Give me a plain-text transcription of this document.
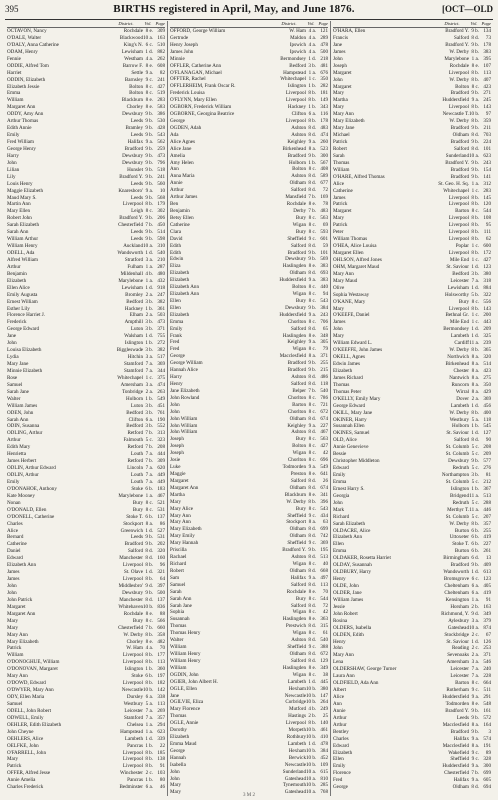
395	BIRTHS registered in April, May, and June 1876.	[OCT—OLD
District.	Vol. Page
OCTAVON, Nancy	Rochdale 8 e. 309
O'DALE, Walter	Blackwood 10 a. 163
O'DALY, Anna Catherine	King's N. 6 c. 510
ODAM, Henry	Lewisham 1 d. 882
Fennie	Westham 4 a. 262
ODDIE, Alfred Tom	Barrow F. 8 e. 608
Harriet	Settle 9 a.	82
ODDIN, Elizabeth	Barnsley 9 c. 241
Elizabeth Jessie	Bolton 8 c. 427
Emma	Bolton 8 c. 519
William	Blackburn 8 e. 283
Margaret Ann	Chorley 8 e. 583
ODDY, Amy Ann	Dewsbury 9 b. 386
Arthur Thomas	Leeds 9 b. 530
Edith Annie	Bramley 9 b. 428
Emily	Leeds 9 b. 543
Fred William	Halifax 9 a. 562
George Henry	Bradford 9 b. 259
Harry	Dewsbury 9 b. 473
John	Dewsbury 9 b. 796
Lilian	Hunslet 9 b. 518
Lily	Bradford Y. 9 b. 241
Louis Henry	Leeds 9 b. 560
Maggie Elizabeth	Knaresboro' 9 a.	10
Maud Mary S.	Leeds 9 b. 568
Martin Ann	Liverpool 8 b. 179
Mary Ellen	Leigh 8 c. 302
Robert John	Bradford Y. 9 b. 206
Sarah Elizabeth	Chesterfield 7 b. 450
Sarah Ann	Leeds 9 b. 514
William Arthur	Leeds 9 b. 598
William Henry	Auckland 10 a. 310
ODELL, Ada	Wandsworth 1 d. 540
Alfred William	Stratford 3 a. 210
Arthur	Fulham 1 a. 287
Benjamin	Mildenhall 4 b. 480
Elizabeth	Marylebone 1 a. 432
Ellen Alice	Lewisham 1 d. 918
Emily Augusta	Bromley 2 a. 247
Ernest William	Bedford 3 b. 382
Esther Lily	Hackney 1 b. 361
Florence Harriet J.	Elham 2 a. 503
Frederick	Ampthill 3 b. 473
George Edward	Luton 3 b. 371
Jane	Walsham 1 d. 755
John	Islington 1 b. 272
Louisa Elizabeth	Biggleswade 3 b. 382
Lydia	Hitchin 3 a. 517
Mary Jane	Stamford 7 a. 369
Minnie Elizabeth	Stamford 7 a. 344
Rose	Whitechapel 1 c. 375
Samuel	Amersham 3 a. 474
Sarah Jane	Tonbridge 2 a. 263
Walter	Holborn 1 b. 549
William James	Luton 3 b. 451
ODEN, John	Bedford 3 b. 761
Sarah Ann	Clifton 6 a. 190
ODIN, Susanna	Bedford 3 b. 552
ODLING, Arthur	Retford 7 b. 313
Arthur	Falmouth 5 c. 323
Edith Mary	Retford 7 b. 208
Henrietta	Louth 7 a. 444
James Herbert	Retford 7 b. 309
ODLIN, Arthur Edward	Lincoln 7 a. 620
ODLIN, Arthur	Louth 7 a. 449
Emily	Louth 7 a. 449
O'DONAHOE, Anthony	Stoke 6 b. 183
Kate Mooney	Marylebone 1 a. 467
Nonan	Bury 8 c. 521
O'DONALD, Ellen	Bury 8 c. 531
O'DONELL, Catherine	Stoke T. 6 b. 137
Charles	Stockport 8 a.	86
Alice	Greenwich 1 d. 527
Bernard	Leeds 9 b. 531
Catherine	Bradford 9 b. 202
Daniel	Salford 8 d. 320
Edward	Manchester 8 d. 160
Elizabeth Ann	Liverpool 8 b.	96
James	St. Olave 1 d. 321
James	Liverpool 8 b.	64
John	Middlesbro' 9 d. 397
John	Dewsbury 9 b. 500
John Patrick	Manchester 8 d. 137
Margaret	Whitehaven 10 b. 836
Margaret Ann	Rochdale 8 e.	88
Mary	Bury 8 c. 566
Mary	Chesterfield 7 b. 660
Mary Ann	W. Derby 8 b. 358
Mary Elizabeth	Chorley 8 e. 482
Patrick	W. Ham 4 a.	70
William	Liverpool 8 b. 177
O'DONOGHUE, William	Liverpool 8 b. 113
O'DONOVAN, Margaret	Islington 1 b. 360
Mary Ann	Stoke 6 b. 197
O'DOWD, Edward	Liverpool 8 b. 182
O'DWYER, Mary Ann	Newcastle 10 b. 142
ODY, Ellen Maria	Dursley 6 a. 338
Samuel	Westbury 5 a. 113
ODELL, John Robert	Leicester 7 a. 269
ODWELL, Emily	Stamford 7 a. 357
OEHLER, Edith Elizabeth	Chelsea 1 a. 294
John Cheyne	Hampstead 1 a. 623
OEHLERS, Alice	Lambeth 1 d. 339
OELFKE, John	Pancras 1 b.	22
O'FARRELL, John	Liverpool 8 b. 185
Mary	Liverpool 8 b. 138
Patrick	Liverpool 8 b.	91
OFFER, Alfred Jesse	Winchester 2 c. 103
Annie Amelia	Pancras 1 b.	80
Charles Frederick	Bedminster 6 a.	46
District.	Vol. Page
OFFORD, George William	W. Ham 4 a. 121
Gertrude	Maldon 4 a. 289
Henry Joseph	Ipswich 4 a. 478
James John	Ipswich 4 a. 500
Minnie	Bermondsey 1 d. 218
OFFLER, Catherine Ann	Bedford 3 b. 481
O'FLANAGAN, Michael	Hampstead 1 a. 676
OFFTER, Rachel	Whitechapel 1 c. 350
OFFLERHEIM, Frank Oscar R.	Islington 1 b. 282
Frederick Louisa	Liverpool 8 b. 181
O'FLYNN, Mary Ellen	Liverpool 8 b. 149
OGBORN, Frederick William	Hackney 1 b. 343
OGBORNE, Georgina Beatrice	Clifton 6 a. 116
George	Liverpool 8 b. 178
OGDEN, Adah	Ashton 8 d. 483
Ada	Ashton 8 d. 474
Alice Agnes	Keighley 9 a. 260
Alice Jane	Birkenhead 8 a. 523
Amelia	Bradford 9 b. 300
Amy Helen	Holborn 1 b. 567
Ann	Bolton 8 c. 408
Anna Maria	Ashton 8 d. 589
Annie	Oldham 8 d. 677
Arthur	Salford 8 d.	72
Arthur James	Mansfield 7 b. 169
Ben	Rochdale 8 e.	78
Benjamin	Derby 7 b. 483
Betsy Ellen	Bury 8 c. 563
Catherine	Wigan 8 c.	69
Clara	Bury 8 c. 593
David	Sheffield 9 c. 601
Edith	Salford 8 d.	59
Edith	Bradford 9 b. 101
Edwin	Dewsbury 9 b. 569
Eliza	Haslingden 8 e. 383
Elizabeth	Oldham 8 d. 693
Elizabeth	Huddersfield 9 a. 383
Elizabeth Ann	Bolton 8 c. 440
Elizabeth Ann	Wigan 8 c.	94
Ellen	Bury 8 c. 543
Ellen	Dewsbury 9 b. 384
Elizabeth	Huddersfield 9 a. 243
Emma	Chorlton 8 c. 706
Emily	Salford 8 d.	65
Frank	Haslingden 8 e. 348
Fred	Keighley 9 a. 305
Fred	Wigan 8 c.	79
George	Macclesfield 8 a. 371
George William	Bradford 9 b. 255
Hannah Alice	Bradford 9 b. 215
Harry	Ashton 8 d. 486
Henry	Salford 8 d. 118
Jane Elizabeth	Belper 7 b. 540
John Rowland	Chorlton 8 c. 786
John	Barton 8 c. 721
John	Chorlton 8 c. 672
John William	Oldham 8 d. 674
John William	Keighley 9 a. 227
John William	Ashton 8 d. 467
Joseph	Bury 8 c. 563
Joseph	Bolton 8 c. 427
Joseph	Wigan 8 c.	42
Josie	Chorlton 8 c. 696
Luke	Todmorden 9 a. 549
Maggie	Preston 8 e. 641
Margaret	Salford 8 d.	26
Margaret Ann	Oldham 8 d. 674
Martha	Blackburn 8 e. 341
Mary	W. Derby 8 b. 396
Mary Alice	Bury 8 c. 543
Mary Ann	Sheffield 9 c. 434
Mary Ann	Stockport 8 a.	63
Mary Elizabeth	Oldham 8 d. 699
Mary Emily	Oldham 8 d. 742
Mary Hannah	Sheffield 9 c. 369
Priscilla	Bradford Y. 9 b. 195
Rachael	Ashton 8 d. 513
Richard	Wigan 8 c.	40
Robert	Oldham 8 d. 668
Sam	Halifax 9 a. 497
Samuel	Salford 8 d. 113
Sarah	Rochdale 8 e.	70
Sarah Ann	Bury 8 c. 544
Sarah Jane	Salford 8 d.	72
Sophia	Wigan 8 c.	42
Susannah	Haslingden 8 e. 363
Thomas	Prestwich 8 d. 315
Thomas Henry	Wigan 8 c.	61
Walter	Ashton 8 d. 540
William	Sheffield 9 c. 388
William Henry	Oldham 8 d. 672
William Henry	Salford 8 d. 129
William	Haslingden 8 e. 349
OGDIN, John	Wigan 8 c.	38
OGIER, John Albert H.	Lambeth 1 d. 445
OGLE, Ellen	Hexham 10 b. 380
Jane	Newcastle 10 b. 147
OGILVIE, Eliza	Corbridge 10 b. 264
Mary Florence	Mutford 4 b. 249
Thomas	Hastings 2 b.	25
OGLE, Annie	Liverpool 8 b. 140
Dorothy	Morpeth 10 b. 461
Elizabeth	Rothbury 10 b. 410
Emma Maud	Lambeth 1 d. 478
George	Hexham 10 b. 384
Hannah	Berwick 10 b. 452
Isabella	Newcastle 10 b. 109
John	Sunderland 10 a. 615
John	Gateshead 10 a. 810
Mary	Tynemouth 10 b. 285
Mary	Gateshead 10 a. 768
District.	Vol. Page
O'HARA, Ellen	Bradford Y. 9 b. 134
Francis	Salford 8 d.	73
Jane	Bradford Y. 9 b. 178
James	W. Derby 8 b. 383
John	Marylebone 1 a. 395
Joseph	Rochdale 8 e. 107
Margaret	Liverpool 8 b. 113
John	W. Derby 8 b. 407
Margaret	Bolton 8 c. 423
Mary	Bradford 9 b. 271
Martha	Huddersfield 9 a. 245
Mary	Liverpool 8 b. 143
Mary Ann	Newcastle T. 10 b.	97
Mary Elizabeth	W. Derby 8 b. 359
Mary Jane	Bradford 9 b. 211
Michael	Oldham 8 d. 703
Patrick	Bradford 9 b. 224
Robert	Salford 8 d. 101
Sarah	Sunderland 10 a. 623
Thomas	Bradford Y. 9 b. 243
William	Bradford 9 b. 154
O'HARE, Alfred Thomas	Bradford 9 b. 141
Alice	St. Geo. H. Sq. 1 a. 312
Catherine	Whitechapel 1 c. 283
James	Liverpool 8 b. 145
Patrick	Liverpool 8 b. 120
Margaret	Barton 8 c. 544
Mary	Liverpool 8 b. 108
Patrick	Liverpool 8 b.	95
Peter	Liverpool 8 b. 111
William Thomas	Liverpool 8 b.	62
O'HEA, Alice Louisa	Poplar 1 c. 600
Margaret Ellen	Liverpool 8 b. 172
OHLSON, Alfred Jones	Mile End 1 c. 427
OHM, Margaret Maud	St. Saviour 1 d. 123
Mary Ann	Bedford 3 b. 380
Mary Maud	Leicester 7 a. 318
Olive	Lewisham 1 d. 884
Sophia Westaway	Holsworthy 5 b. 322
O'KANE, Mary	Bury 8 c. 556
Mary	Liverpool 8 b. 143
O'KEEFE, Daniel	Bethnal Gr. 1 c. 200
James	Mile End 1 c. 443
John	Bermondsey 1 d. 209
Mary	Lambeth 1 d. 325
William Edward L.	Cardiff 11 a. 239
O'KEEFFE, John James	W. Derby 8 b. 365
OKELL, Agnes	Northwich 8 a. 320
Edwin James	Birkenhead 8 a. 514
Elizabeth	Chester 8 a. 423
James Richard	Nantwich 8 a. 275
Thomas	Runcorn 8 a. 350
Thomas Peter	Wirral 8 a. 429
O'KELLY, Emily Mary	Dover 2 a. 369
George Edward	Lambeth 1 d. 456
OKILL, Mary Jane	W. Derby 8 b. 400
OKINER, Harry	Westbury 5 a. 118
Susannah Ellen	Holborn 1 b. 545
OKINES, Samuel	St. Saviour 1 d. 127
OLD, Alice	Salford 8 d.	90
Annie Genevieve	St. Columb 5 c. 208
Bessie	St. Columb 5 c. 209
Christopher Middleton	Dewsbury 9 b. 577
Edward	Redruth 5 c. 276
Emily	Northampton 3 b.	81
Emma	St. Columb 5 c. 212
Ernest Harry S.	Islington 1 b. 367
Georgia	Bridgend 11 a. 513
John	Redruth 5 c. 288
Mark	Merthyr T. 11 a. 446
Richard	St. Columb 5 c. 207
Sarah Elizabeth	W. Derby 8 b. 357
OLDACRE, Alice	Burton 6 b. 255
Elizabeth Ann	Uttoxeter 6 b. 419
Ellen	Stoke T. 6 b. 227
Emma	Burton 6 b. 261
OLDAKER, Rosetta Harriet	Birmingham 6 d.	13
OLDAY, Susannah	Bradford 9 b. 409
OLDBURY, Harry	Wandsworth 1 d. 613
Henry	Bromsgrove 6 c. 123
OLDE, John	Cheltenham 6 a. 405
OLDER, Jane	Cheltenham 6 a. 419
William James	Kensington 1 a.	91
Jessie	Horsham 2 b. 163
John Robert	Richmond, Y. 9 d. 349
Rosina	Aylesbury 3 a. 379
OLDERS, Isabella	Gateshead 10 a. 874
OLDEN, Edith	Stockbridge 2 c.	67
Henry	St. Saviour 1 d. 126
John	Reading 2 c. 253
Mary Ann	Sevenoaks 2 a. 371
Lena	Amersham 3 a. 546
OLDERSHAW, George Turner	Leicester 7 a. 240
Laura Ann	Leicester 7 a. 228
OLDFIELD, Ada Ann	Barton 8 c. 664
Albert	Rotherham 9 c. 511
Alice	Huddersfield 9 a. 291
Ann	Todmorden 8 e. 548
Annie	Bradford Y. 9 b. 161
Arthur	Leeds 9 b. 572
Arthur	Macclesfield 8 a. 164
Bentley	Bradford 9 b.	3
Charles	Halifax 9 a. 574
Edward	Macclesfield 8 a. 191
Elizabeth	Wakefield 9 c.	89
Ellen	Sheffield 9 c. 328
Emily	Huddersfield 9 a. 300
Florence	Chesterfield 7 b. 699
Fred	Halifax 9 a. 605
George	Oldham 8 d. 694
3 M 2
